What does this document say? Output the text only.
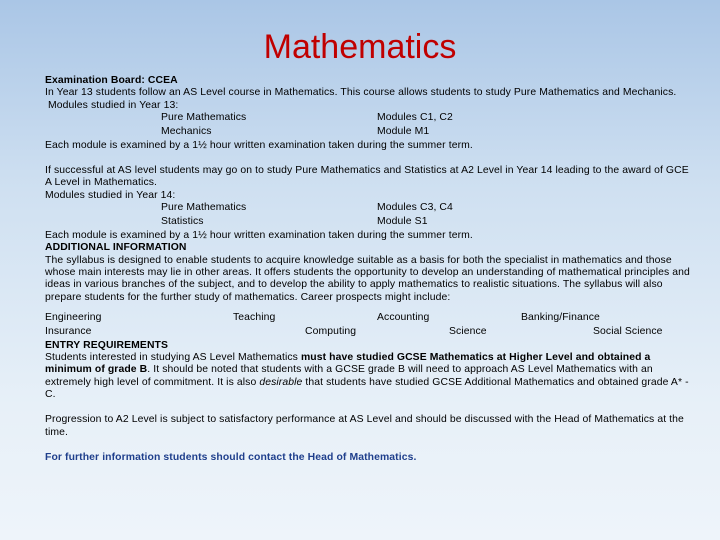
Mathematics
Examination Board: CCEA
In Year 13 students follow an AS Level course in Mathematics. This course allows students to study Pure Mathematics and Mechanics.
Modules studied in Year 13:
Pure Mathematics	Modules C1, C2
Mechanics	Module M1
Each module is examined by a 1½ hour written examination taken during the summer term.
If successful at AS level students may go on to study Pure Mathematics and Statistics at A2 Level in Year 14 leading to the award of GCE A Level in Mathematics.
Modules studied in Year 14:
Pure Mathematics	Modules C3, C4
Statistics	Module S1
Each module is examined by a 1½ hour written examination taken during the summer term.
ADDITIONAL INFORMATION
The syllabus is designed to enable students to acquire knowledge suitable as a basis for both the specialist in mathematics and those whose main interests may lie in other areas. It offers students the opportunity to develop an understanding of mathematical principles and ideas in various branches of the subject, and to develop the ability to apply mathematics to realistic situations. The syllabus will also prepare students for the further study of mathematics. Career prospects might include:
Engineering	Teaching	Accounting	Banking/Finance
Insurance	Computing	Science	Social Science
ENTRY REQUIREMENTS
Students interested in studying AS Level Mathematics must have studied GCSE Mathematics at Higher Level and obtained a minimum of grade B. It should be noted that students with a GCSE grade B will need to approach AS Level Mathematics with an extremely high level of commitment. It is also desirable that students have studied GCSE Additional Mathematics and obtained grade A* - C.
Progression to A2 Level is subject to satisfactory performance at AS Level and should be discussed with the Head of Mathematics at the time.
For further information students should contact the Head of Mathematics.
